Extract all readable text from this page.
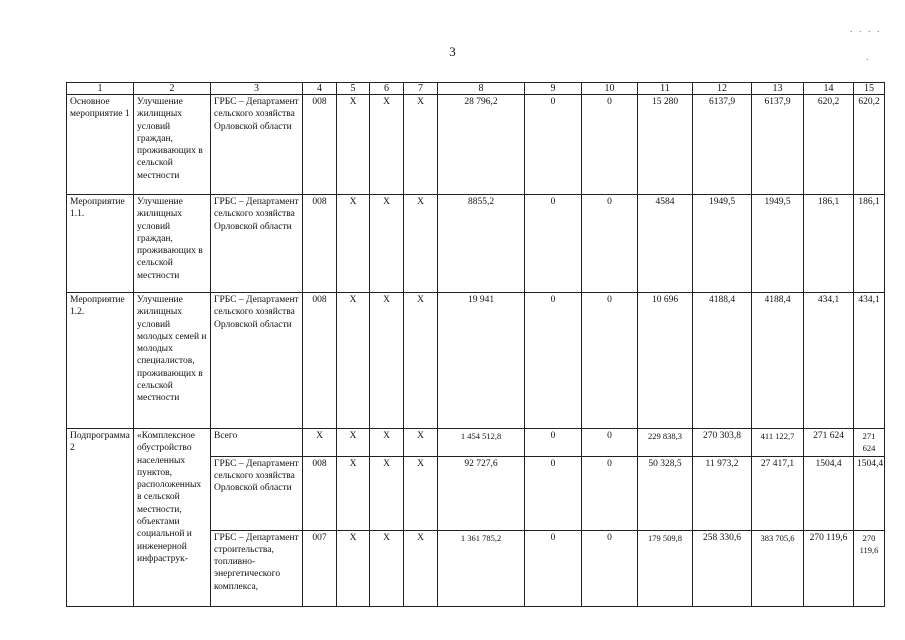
3
. . . .
.
1	2	3	4	5	6	7	8	9	10	11	12	13	14	15
Основное мероприятие 1	Улучшение жилищных условий граждан, проживающих в сельской местности	ГРБС – Департамент сельского хозяйства Орловской области	008	X	X	X	28 796,2	0	0	15 280	6137,9	6137,9	620,2	620,2
Мероприятие 1.1.	Улучшение жилищных условий граждан, проживающих в сельской местности	ГРБС – Департамент сельского хозяйства Орловской области	008	X	X	X	8855,2	0	0	4584	1949,5	1949,5	186,1	186,1
Мероприятие 1.2.	Улучшение жилищных условий молодых семей и молодых специалистов, проживающих в сельской местности	ГРБС – Департамент сельского хозяйства Орловской области	008	X	X	X	19 941	0	0	10 696	4188,4	4188,4	434,1	434,1
Подпрограмма 2	«Комплексное обустройство населенных пунктов, расположенных в сельской местности, объектами социальной и инженерной инфраструк-	Всего	X	X	X	X	1 454 512,8	0	0	229 838,3	270 303,8	411 122,7	271 624	271 624
		ГРБС – Департамент сельского хозяйства Орловской области	008	X	X	X	92 727,6	0	0	50 328,5	11 973,2	27 417,1	1504,4	1504,4
		ГРБС – Департамент строительства, топливно-энергетического комплекса,	007	X	X	X	1 361 785,2	0	0	179 509,8	258 330,6	383 705,6	270 119,6	270 119,6
